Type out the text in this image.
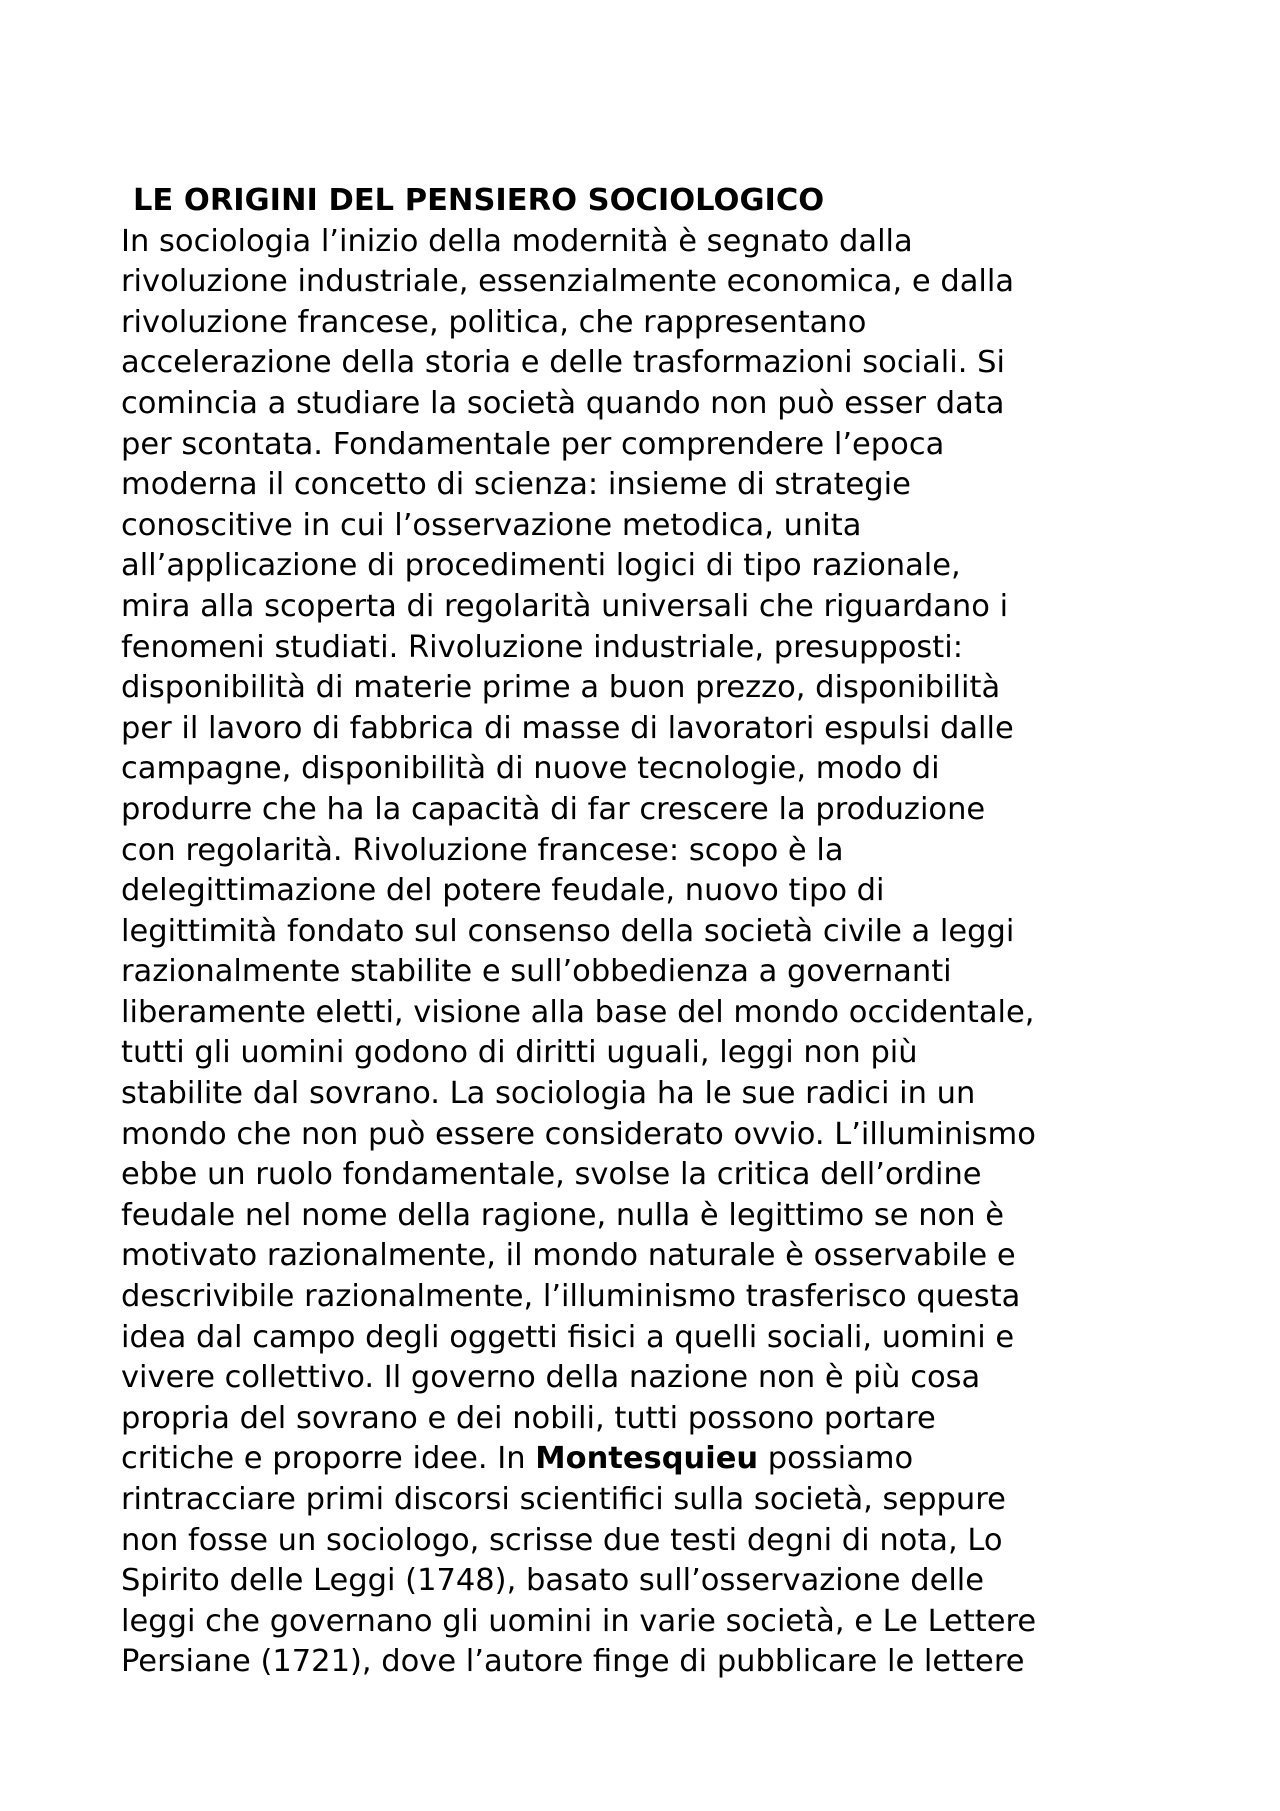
LE ORIGINI DEL PENSIERO SOCIOLOGICO
In sociologia l’inizio della modernità è segnato dalla
rivoluzione industriale, essenzialmente economica, e dalla
rivoluzione francese, politica, che rappresentano
accelerazione della storia e delle trasformazioni sociali. Si
comincia a studiare la società quando non può esser data
per scontata. Fondamentale per comprendere l’epoca
moderna il concetto di scienza: insieme di strategie
conoscitive in cui l’osservazione metodica, unita
all’applicazione di procedimenti logici di tipo razionale,
mira alla scoperta di regolarità universali che riguardano i
fenomeni studiati. Rivoluzione industriale, presupposti:
disponibilità di materie prime a buon prezzo, disponibilità
per il lavoro di fabbrica di masse di lavoratori espulsi dalle
campagne, disponibilità di nuove tecnologie, modo di
produrre che ha la capacità di far crescere la produzione
con regolarità. Rivoluzione francese: scopo è la
delegittimazione del potere feudale, nuovo tipo di
legittimità fondato sul consenso della società civile a leggi
razionalmente stabilite e sull’obbedienza a governanti
liberamente eletti, visione alla base del mondo occidentale,
tutti gli uomini godono di diritti uguali, leggi non più
stabilite dal sovrano. La sociologia ha le sue radici in un
mondo che non può essere considerato ovvio. L’illuminismo
ebbe un ruolo fondamentale, svolse la critica dell’ordine
feudale nel nome della ragione, nulla è legittimo se non è
motivato razionalmente, il mondo naturale è osservabile e
descrivibile razionalmente, l’illuminismo trasferisco questa
idea dal campo degli oggetti fisici a quelli sociali, uomini e
vivere collettivo. Il governo della nazione non è più cosa
propria del sovrano e dei nobili, tutti possono portare
critiche e proporre idee. In Montesquieu possiamo
rintracciare primi discorsi scientifici sulla società, seppure
non fosse un sociologo, scrisse due testi degni di nota, Lo
Spirito delle Leggi (1748), basato sull’osservazione delle
leggi che governano gli uomini in varie società, e Le Lettere
Persiane (1721), dove l’autore finge di pubblicare le lettere
